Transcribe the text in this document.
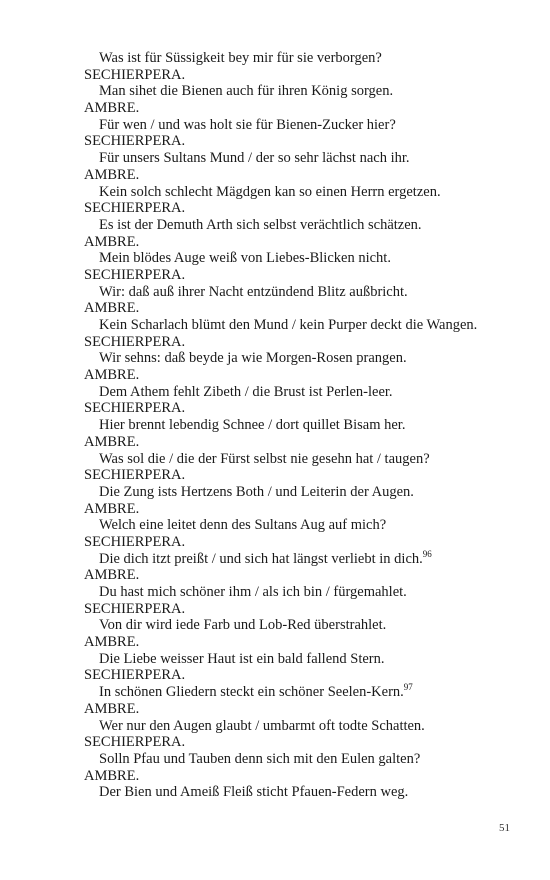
Was ist für Süssigkeit bey mir für sie verborgen?
SECHIERPERA.
Man sihet die Bienen auch für ihren König sorgen.
AMBRE.
Für wen / und was holt sie für Bienen-Zucker hier?
SECHIERPERA.
Für unsers Sultans Mund / der so sehr lächst nach ihr.
AMBRE.
Kein solch schlecht Mägdgen kan so einen Herrn ergetzen.
SECHIERPERA.
Es ist der Demuth Arth sich selbst verächtlich schätzen.
AMBRE.
Mein blödes Auge weiß von Liebes-Blicken nicht.
SECHIERPERA.
Wir: daß auß ihrer Nacht entzündend Blitz außbricht.
AMBRE.
Kein Scharlach blümt den Mund / kein Purper deckt die Wangen.
SECHIERPERA.
Wir sehns: daß beyde ja wie Morgen-Rosen prangen.
AMBRE.
Dem Athem fehlt Zibeth / die Brust ist Perlen-leer.
SECHIERPERA.
Hier brennt lebendig Schnee / dort quillet Bisam her.
AMBRE.
Was sol die / die der Fürst selbst nie gesehn hat / taugen?
SECHIERPERA.
Die Zung ists Hertzens Both / und Leiterin der Augen.
AMBRE.
Welch eine leitet denn des Sultans Aug auf mich?
SECHIERPERA.
Die dich itzt preißt / und sich hat längst verliebt in dich.$^{96}$
AMBRE.
Du hast mich schöner ihm / als ich bin / fürgemahlet.
SECHIERPERA.
Von dir wird iede Farb und Lob-Red überstrahlet.
AMBRE.
Die Liebe weisser Haut ist ein bald fallend Stern.
SECHIERPERA.
In schönen Gliedern steckt ein schöner Seelen-Kern.$^{97}$
AMBRE.
Wer nur den Augen glaubt / umbarmt oft todte Schatten.
SECHIERPERA.
Solln Pfau und Tauben denn sich mit den Eulen galten?
AMBRE.
Der Bien und Ameiß Fleiß sticht Pfauen-Federn weg.
51
